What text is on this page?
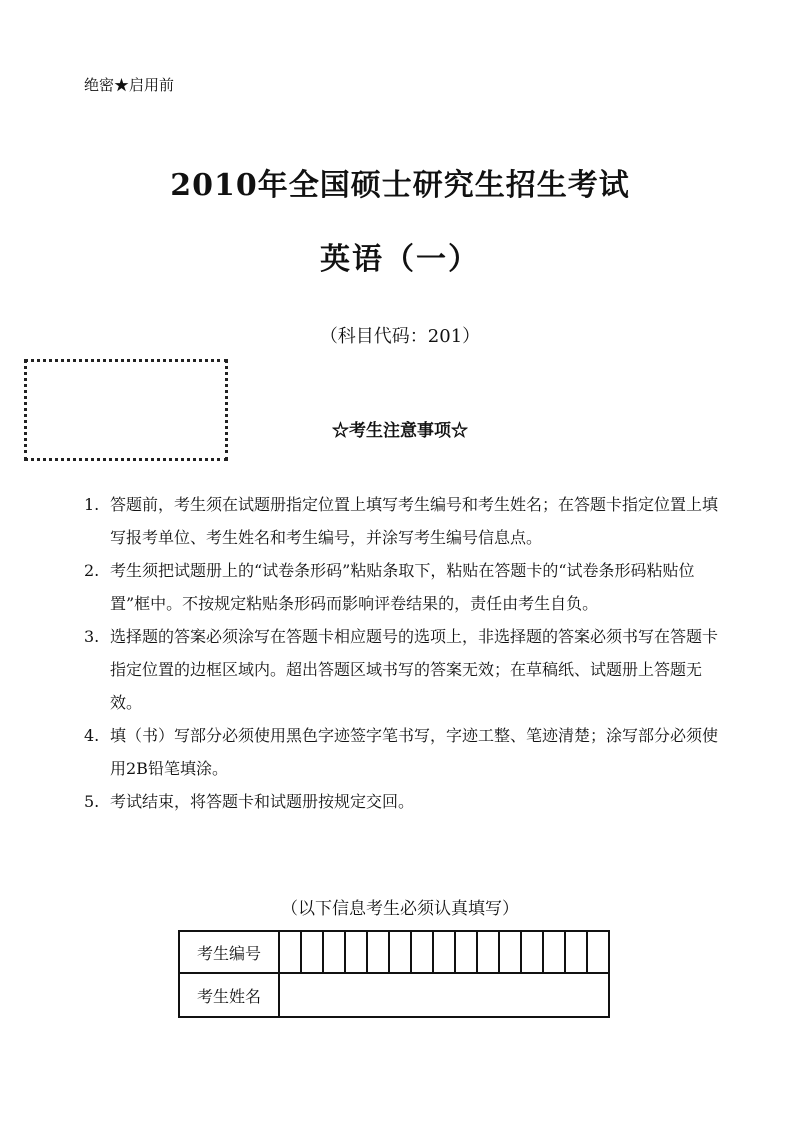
绝密★启用前
2010年全国硕士研究生招生考试
英语（一）
（科目代码：201）
☆考生注意事项☆
1. 答题前，考生须在试题册指定位置上填写考生编号和考生姓名；在答题卡指定位置上填写报考单位、考生姓名和考生编号，并涂写考生编号信息点。
2. 考生须把试题册上的“试卷条形码”粘贴条取下，粘贴在答题卡的“试卷条形码粘贴位置”框中。不按规定粘贴条形码而影响评卷结果的，责任由考生自负。
3. 选择题的答案必须涂写在答题卡相应题号的选项上，非选择题的答案必须书写在答题卡指定位置的边框区域内。超出答题区域书写的答案无效；在草稿纸、试题册上答题无效。
4. 填（书）写部分必须使用黑色字迹签字笔书写，字迹工整、笔迹清楚；涂写部分必须使用2B铅笔填涂。
5. 考试结束，将答题卡和试题册按规定交回。
（以下信息考生必须认真填写）
考生编号															
考生姓名															
